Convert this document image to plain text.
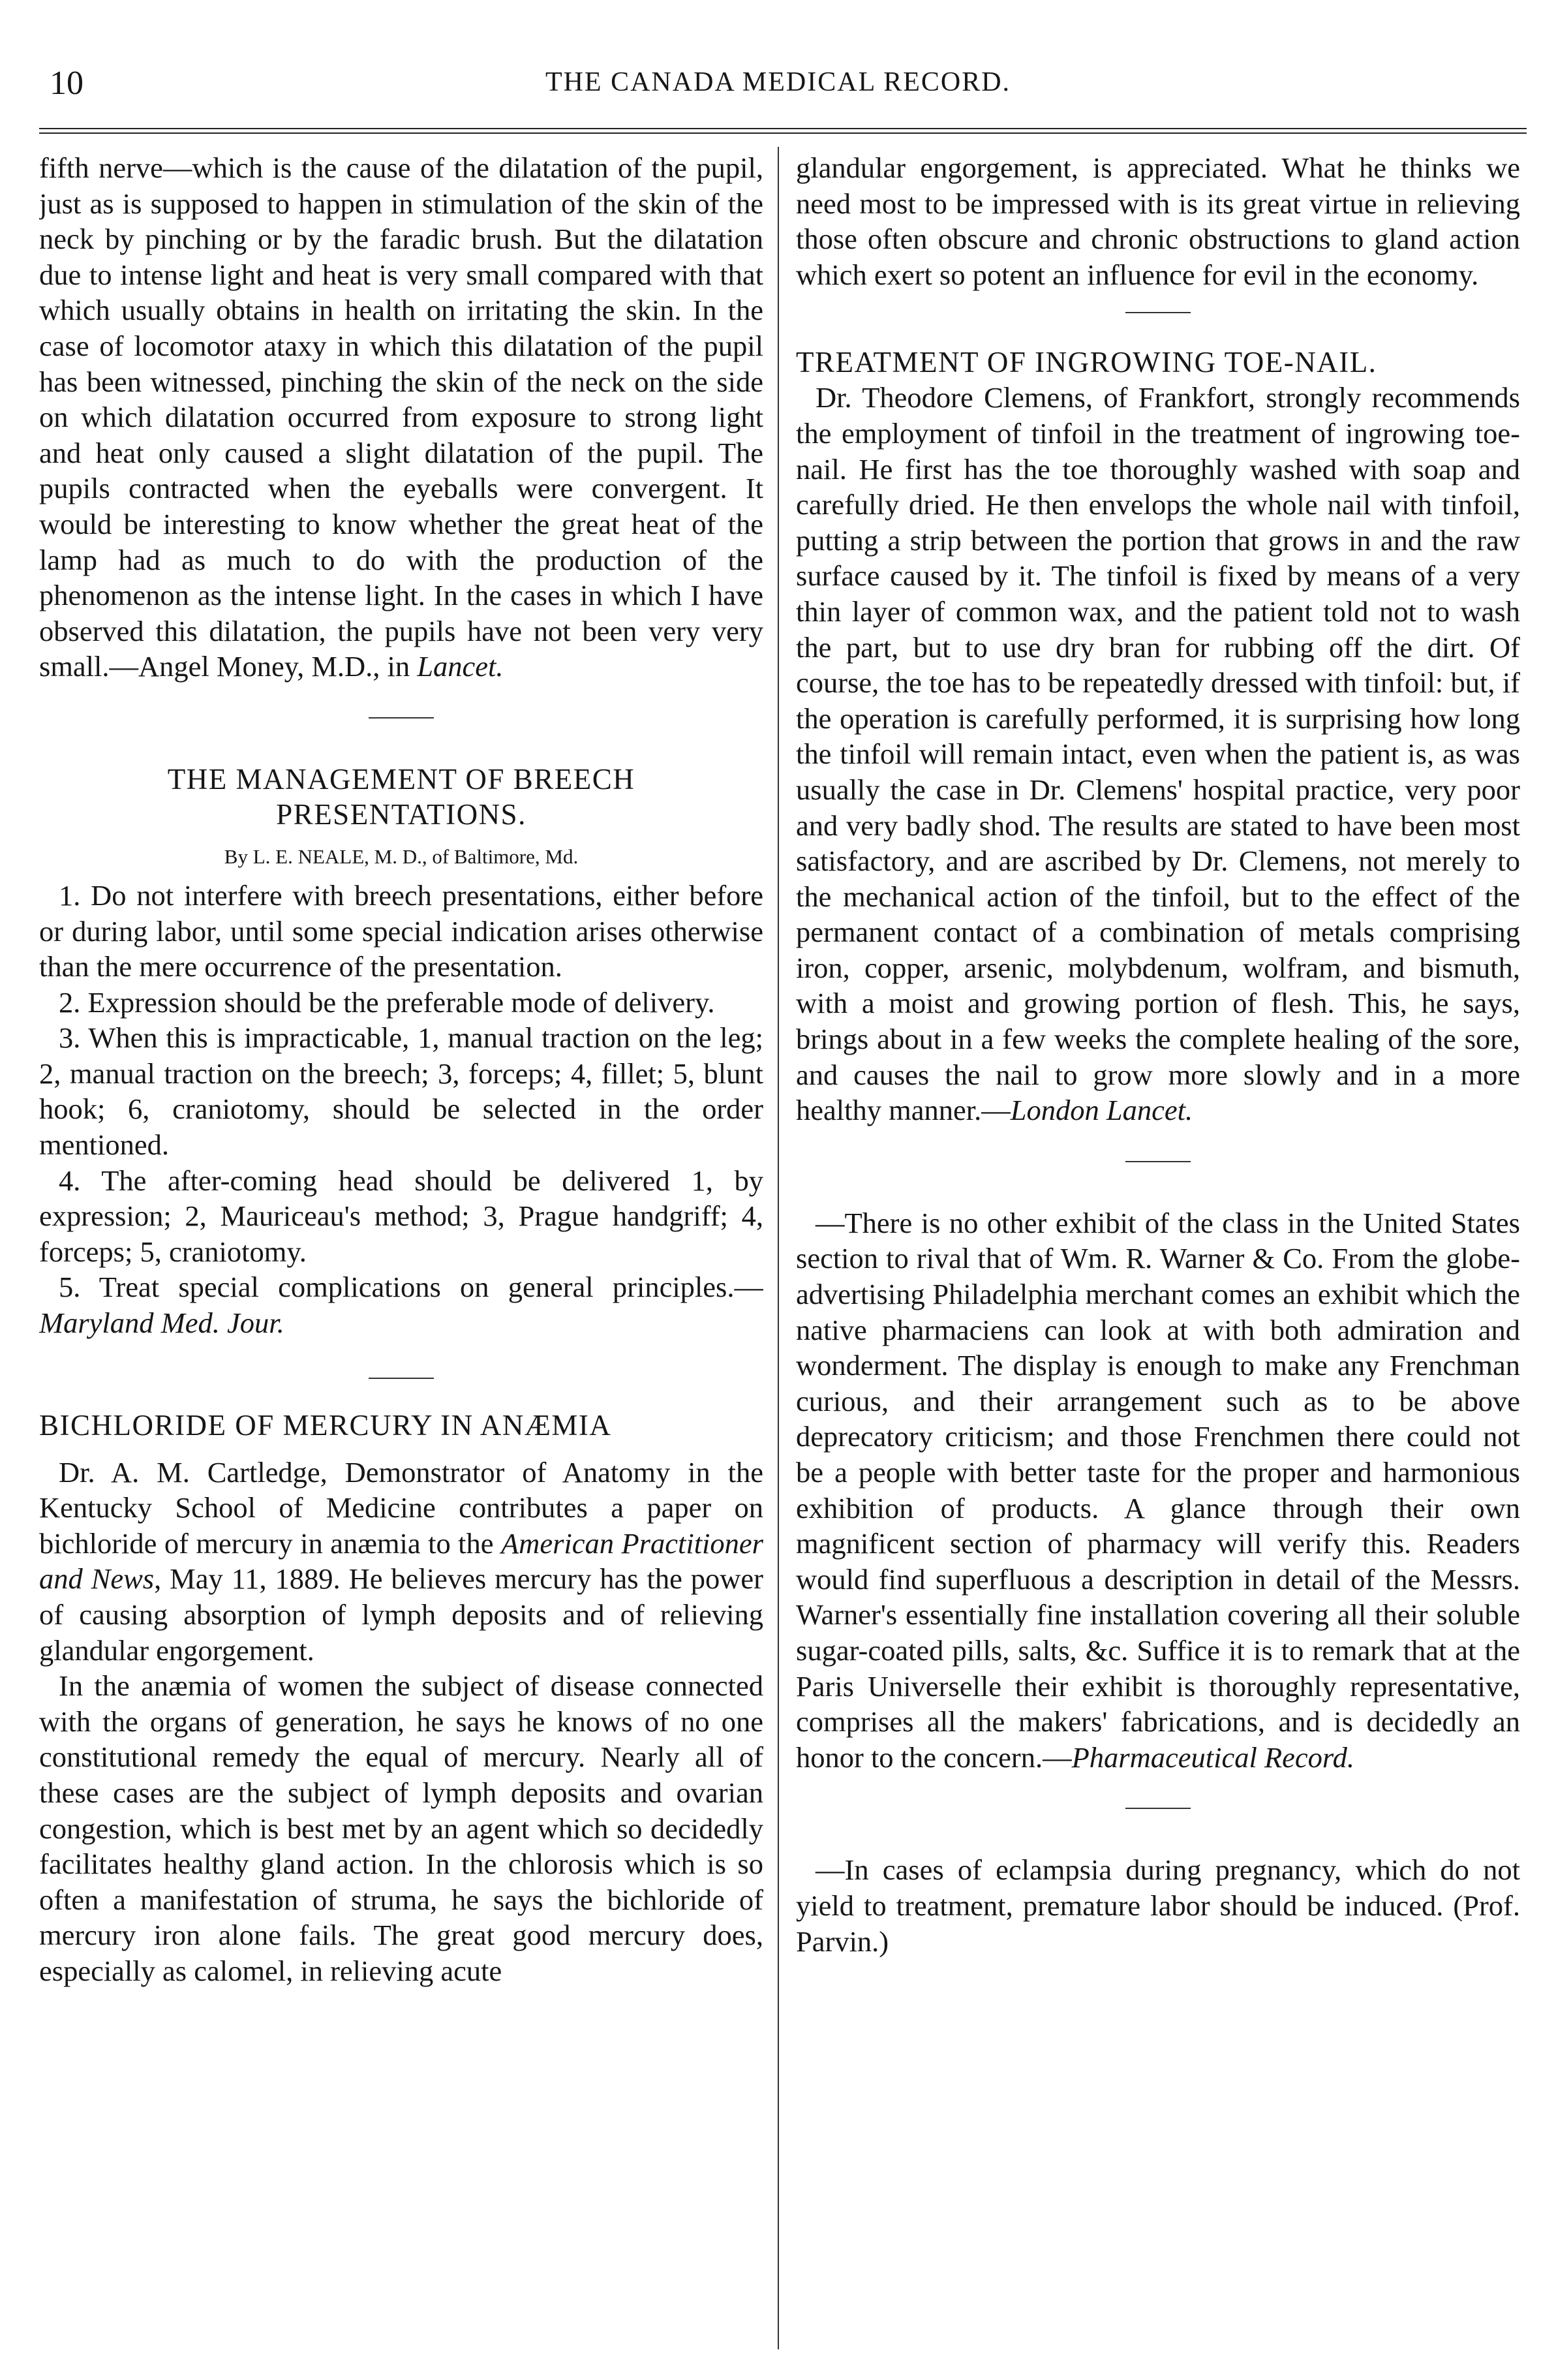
10	THE CANADA MEDICAL RECORD.

fifth nerve—which is the cause of the dilatation of the pupil, just as is supposed to happen in stimulation of the skin of the neck by pinching or by the faradic brush. But the dilatation due to intense light and heat is very small compared with that which usually obtains in health on irritating the skin. In the case of locomotor ataxy in which this dilatation of the pupil has been witnessed, pinching the skin of the neck on the side on which dilatation occurred from exposure to strong light and heat only caused a slight dilatation of the pupil. The pupils contracted when the eyeballs were convergent. It would be interesting to know whether the great heat of the lamp had as much to do with the production of the phenomenon as the intense light. In the cases in which I have observed this dilatation, the pupils have not been very very small.—Angel Money, M.D., in Lancet.

THE MANAGEMENT OF BREECH PRESENTATIONS.
By L. E. NEALE, M. D., of Baltimore, Md.

1. Do not interfere with breech presentations, either before or during labor, until some special indication arises otherwise than the mere occurrence of the presentation.

2. Expression should be the preferable mode of delivery.

3. When this is impracticable, 1, manual traction on the leg; 2, manual traction on the breech; 3, forceps; 4, fillet; 5, blunt hook; 6, craniotomy, should be selected in the order mentioned.

4. The after-coming head should be delivered 1, by expression; 2, Mauriceau's method; 3, Prague handgriff; 4, forceps; 5, craniotomy.

5. Treat special complications on general principles.—Maryland Med. Jour.

BICHLORIDE OF MERCURY IN ANÆMIA

Dr. A. M. Cartledge, Demonstrator of Anatomy in the Kentucky School of Medicine contributes a paper on bichloride of mercury in anæmia to the American Practitioner and News, May 11, 1889. He believes mercury has the power of causing absorption of lymph deposits and of relieving glandular engorgement.

In the anæmia of women the subject of disease connected with the organs of generation, he says he knows of no one constitutional remedy the equal of mercury. Nearly all of these cases are the subject of lymph deposits and ovarian congestion, which is best met by an agent which so decidedly facilitates healthy gland action. In the chlorosis which is so often a manifestation of struma, he says the bichloride of mercury iron alone fails. The great good mercury does, especially as calomel, in relieving acute

glandular engorgement, is appreciated. What he thinks we need most to be impressed with is its great virtue in relieving those often obscure and chronic obstructions to gland action which exert so potent an influence for evil in the economy.

TREATMENT OF INGROWING TOE-NAIL.

Dr. Theodore Clemens, of Frankfort, strongly recommends the employment of tinfoil in the treatment of ingrowing toe-nail. He first has the toe thoroughly washed with soap and carefully dried. He then envelops the whole nail with tinfoil, putting a strip between the portion that grows in and the raw surface caused by it. The tinfoil is fixed by means of a very thin layer of common wax, and the patient told not to wash the part, but to use dry bran for rubbing off the dirt. Of course, the toe has to be repeatedly dressed with tinfoil: but, if the operation is carefully performed, it is surprising how long the tinfoil will remain intact, even when the patient is, as was usually the case in Dr. Clemens' hospital practice, very poor and very badly shod. The results are stated to have been most satisfactory, and are ascribed by Dr. Clemens, not merely to the mechanical action of the tinfoil, but to the effect of the permanent contact of a combination of metals comprising iron, copper, arsenic, molybdenum, wolfram, and bismuth, with a moist and growing portion of flesh. This, he says, brings about in a few weeks the complete healing of the sore, and causes the nail to grow more slowly and in a more healthy manner.—London Lancet.

—There is no other exhibit of the class in the United States section to rival that of Wm. R. Warner & Co. From the globe-advertising Philadelphia merchant comes an exhibit which the native pharmaciens can look at with both admiration and wonderment. The display is enough to make any Frenchman curious, and their arrangement such as to be above deprecatory criticism; and those Frenchmen there could not be a people with better taste for the proper and harmonious exhibition of products. A glance through their own magnificent section of pharmacy will verify this. Readers would find superfluous a description in detail of the Messrs. Warner's essentially fine installation covering all their soluble sugar-coated pills, salts, &c. Suffice it is to remark that at the Paris Universelle their exhibit is thoroughly representative, comprises all the makers' fabrications, and is decidedly an honor to the concern.—Pharmaceutical Record.

—In cases of eclampsia during pregnancy, which do not yield to treatment, premature labor should be induced. (Prof. Parvin.)
